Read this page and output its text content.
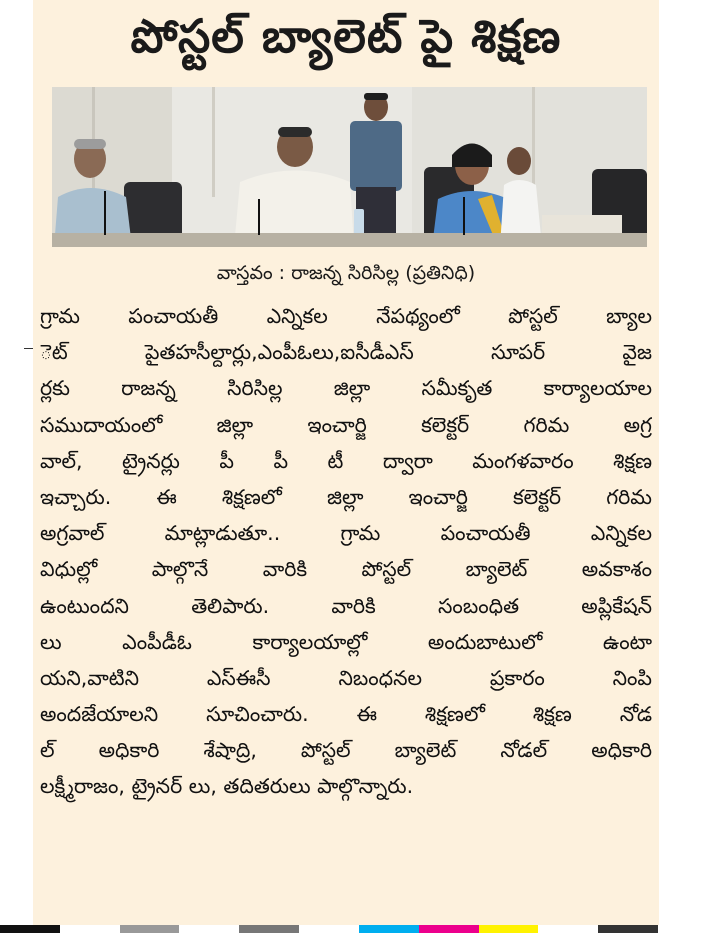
పోస్టల్ బ్యాలెట్ పై శిక్షణ
వాస్తవం : రాజన్న సిరిసిల్ల (ప్రతినిధి)
గ్రామ పంచాయతీ ఎన్నికల నేపథ్యంలో పోస్టల్ బ్యాల
ెట్ పైతహసీల్దార్లు,ఎంపీఓలు,ఐసీడీఎస్ సూపర్ వైజ
ర్లకు రాజన్న సిరిసిల్ల జిల్లా సమీకృత కార్యాలయాల
సముదాయంలో జిల్లా ఇంచార్జి కలెక్టర్ గరిమ అగ్ర
వాల్, ట్రైనర్లు పీ పీ టీ ద్వారా మంగళవారం శిక్షణ
ఇచ్చారు. ఈ శిక్షణలో జిల్లా ఇంచార్జి కలెక్టర్ గరిమ
అగ్రవాల్ మాట్లాడుతూ.. గ్రామ పంచాయతీ ఎన్నికల
విధుల్లో పాల్గొనే వారికి పోస్టల్ బ్యాలెట్ అవకాశం
ఉంటుందని తెలిపారు. వారికి సంబంధిత అప్లికేషన్
లు ఎంపీడీఓ కార్యాలయాల్లో అందుబాటులో ఉంటా
యని,వాటిని ఎస్ఈసీ నిబంధనల ప్రకారం నింపి
అందజేయాలని సూచించారు. ఈ శిక్షణలో శిక్షణ నోడ
ల్ అధికారి శేషాద్రి, పోస్టల్ బ్యాలెట్ నోడల్ అధికారి
లక్ష్మీరాజం, ట్రైనర్ లు, తదితరులు పాల్గొన్నారు.
